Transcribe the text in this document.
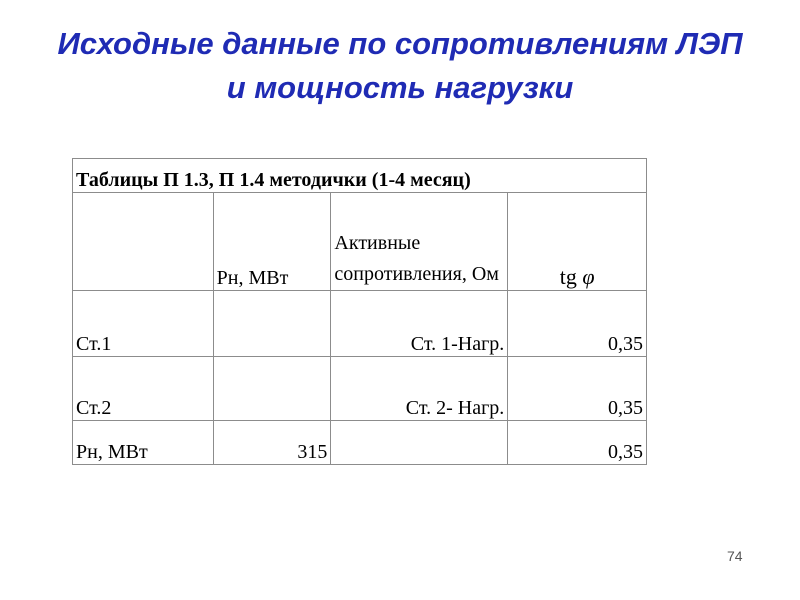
Исходные данные по сопротивлениям ЛЭП
и мощность нагрузки
Таблицы П 1.3, П 1.4 методички (1-4 месяц)			
	Рн, МВт	Активные сопротивления, Ом	tg φ
Ст.1		Ст. 1-Нагр.	0,35
Ст.2		Ст. 2- Нагр.	0,35
Рн, МВт	315		0,35
74
